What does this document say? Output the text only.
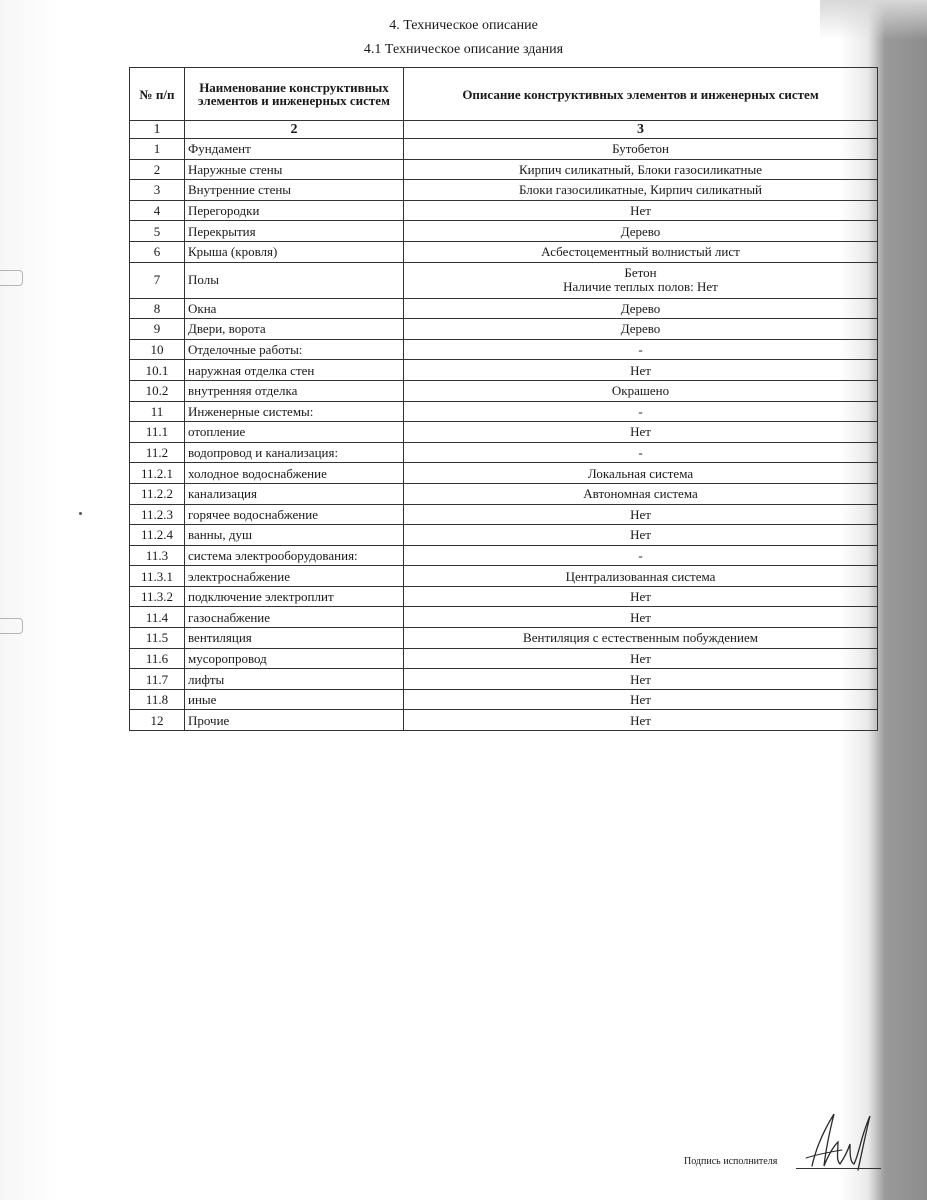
4. Техническое описание
4.1 Техническое описание здания
№ п/п	Наименование конструктивных элементов и инженерных систем	Описание конструктивных элементов и инженерных систем
1	2	3
1	Фундамент	Бутобетон

2	Наружные стены	Кирпич силикатный, Блоки газосиликатные

3	Внутренние стены	Блоки газосиликатные, Кирпич силикатный

4	Перегородки	Нет

5	Перекрытия	Дерево

6	Крыша (кровля)	Асбестоцементный волнистый лист

7	Полы	Бетон
Наличие теплых полов: Нет

8	Окна	Дерево

9	Двери, ворота	Дерево

10	Отделочные работы:	-

10.1	наружная отделка стен	Нет

10.2	внутренняя отделка	Окрашено

11	Инженерные системы:	-

11.1	отопление	Нет

11.2	водопровод и канализация:	-

11.2.1	холодное водоснабжение	Локальная система

11.2.2	канализация	Автономная система

11.2.3	горячее водоснабжение	Нет

11.2.4	ванны, душ	Нет

11.3	система электрооборудования:	-

11.3.1	электроснабжение	Централизованная система

11.3.2	подключение электроплит	Нет

11.4	газоснабжение	Нет

11.5	вентиляция	Вентиляция с естественным побуждением

11.6	мусоропровод	Нет

11.7	лифты	Нет

11.8	иные	Нет

12	Прочие	Нет
Подпись исполнителя
